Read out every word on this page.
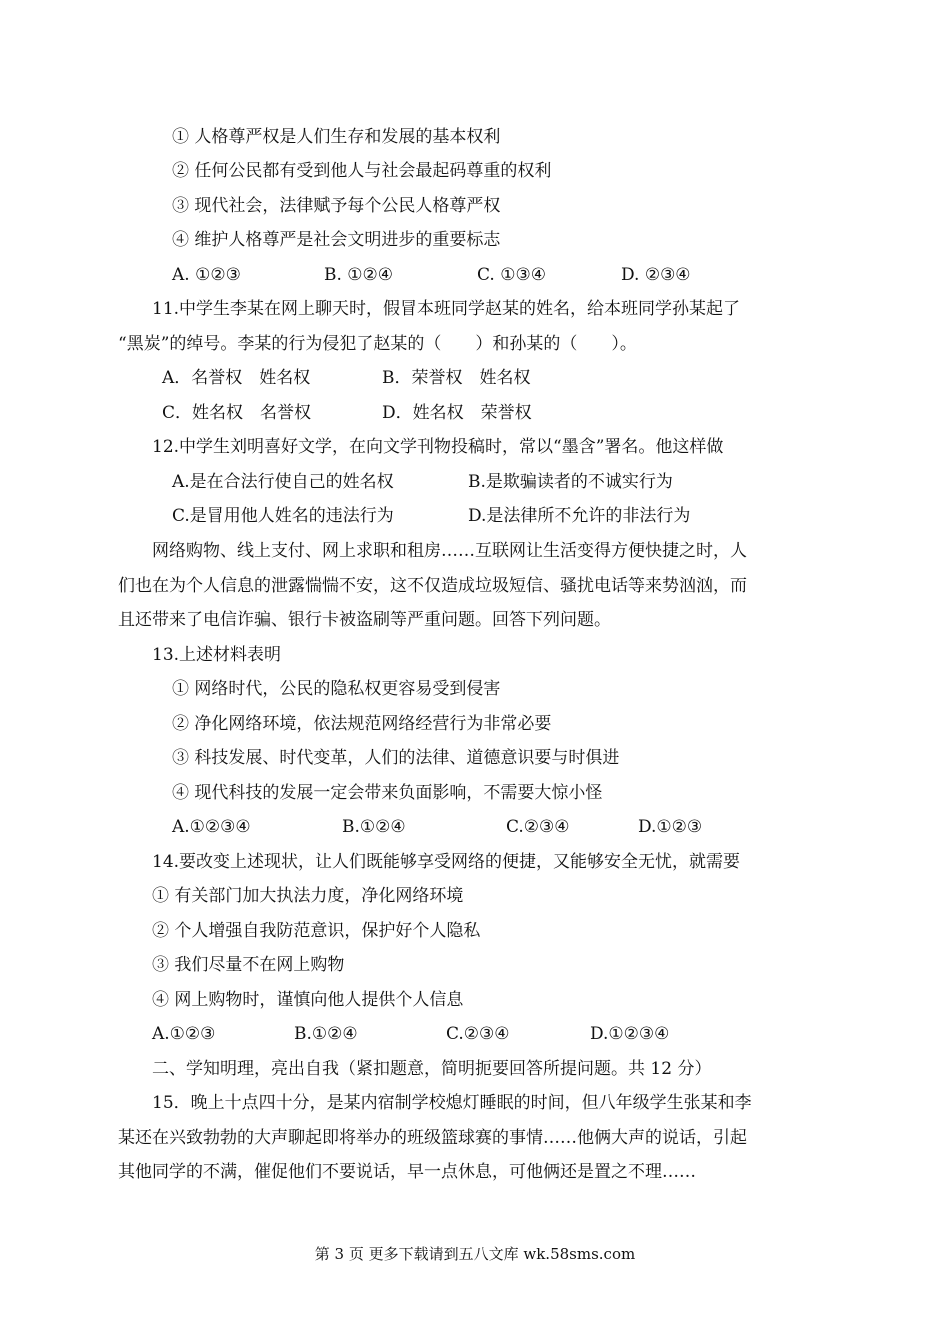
① 人格尊严权是人们生存和发展的基本权利
② 任何公民都有受到他人与社会最起码尊重的权利
③ 现代社会，法律赋予每个公民人格尊严权
④ 维护人格尊严是社会文明进步的重要标志
A. ①②③	B. ①②④	C. ①③④	D. ②③④
11.中学生李某在网上聊天时，假冒本班同学赵某的姓名，给本班同学孙某起了
“黑炭”的绰号。李某的行为侵犯了赵某的（　　）和孙某的（　　）。
A．名誉权　姓名权	B．荣誉权　姓名权
C．姓名权　名誉权	D．姓名权　荣誉权
12.中学生刘明喜好文学，在向文学刊物投稿时，常以“墨含”署名。他这样做
A.是在合法行使自己的姓名权	B.是欺骗读者的不诚实行为
C.是冒用他人姓名的违法行为	D.是法律所不允许的非法行为
网络购物、线上支付、网上求职和租房……互联网让生活变得方便快捷之时，人
们也在为个人信息的泄露惴惴不安，这不仅造成垃圾短信、骚扰电话等来势汹汹，而
且还带来了电信诈骗、银行卡被盗刷等严重问题。回答下列问题。
13.上述材料表明
① 网络时代，公民的隐私权更容易受到侵害
② 净化网络环境，依法规范网络经营行为非常必要
③ 科技发展、时代变革，人们的法律、道德意识要与时俱进
④ 现代科技的发展一定会带来负面影响，不需要大惊小怪
A.①②③④	B.①②④	C.②③④	D.①②③
14.要改变上述现状，让人们既能够享受网络的便捷，又能够安全无忧，就需要
① 有关部门加大执法力度，净化网络环境
② 个人增强自我防范意识，保护好个人隐私
③ 我们尽量不在网上购物
④ 网上购物时，谨慎向他人提供个人信息
A.①②③	B.①②④	C.②③④	D.①②③④
二、学知明理，亮出自我（紧扣题意，简明扼要回答所提问题。共 12 分）
15．晚上十点四十分，是某内宿制学校熄灯睡眠的时间，但八年级学生张某和李
某还在兴致勃勃的大声聊起即将举办的班级篮球赛的事情……他俩大声的说话，引起
其他同学的不满，催促他们不要说话，早一点休息，可他俩还是置之不理……
第 3 页 更多下载请到五八文库 wk.58sms.com
